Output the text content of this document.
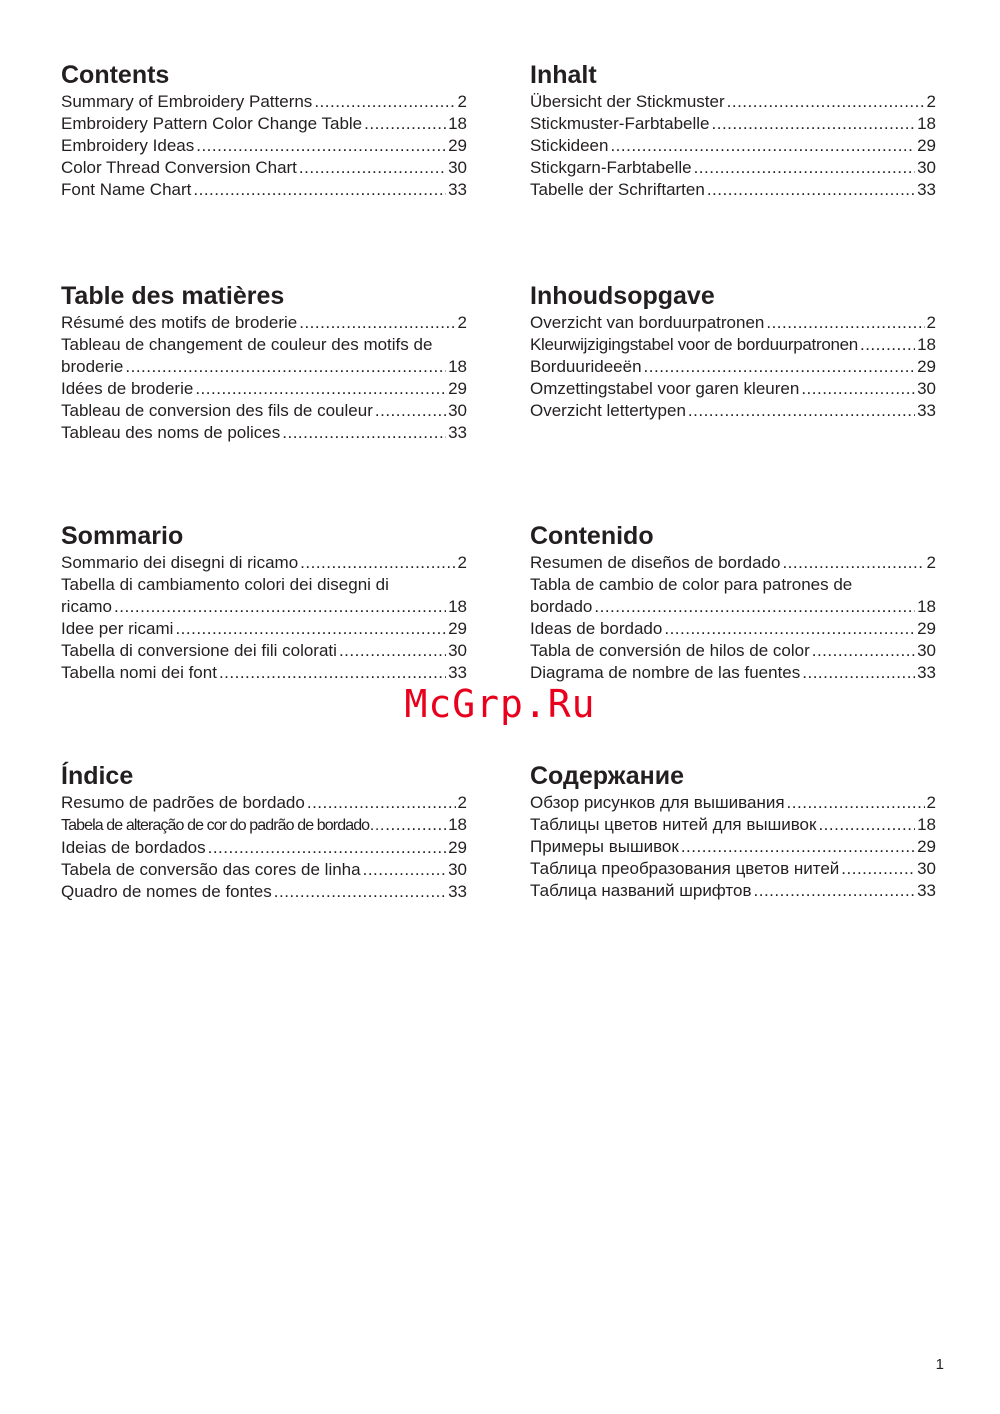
Contents
Summary of Embroidery Patterns .....	2
Embroidery Pattern Color Change Table .....	18
Embroidery Ideas .....	29
Color Thread Conversion Chart .....	30
Font Name Chart .....	33
Inhalt
Übersicht der Stickmuster .....	2
Stickmuster-Farbtabelle .....	18
Stickideen .....	29
Stickgarn-Farbtabelle .....	30
Tabelle der Schriftarten .....	33
Table des matières
Résumé des motifs de broderie .....	2
Tableau de changement de couleur des motifs de
broderie .....	18
Idées de broderie .....	29
Tableau de conversion des fils de couleur .....	30
Tableau des noms de polices .....	33
Inhoudsopgave
Overzicht van borduurpatronen .....	2
Kleurwijzigingstabel voor de borduurpatronen .....	18
Borduurideeën .....	29
Omzettingstabel voor garen kleuren .....	30
Overzicht lettertypen .....	33
Sommario
Sommario dei disegni di ricamo .....	2
Tabella di cambiamento colori dei disegni di
ricamo .....	18
Idee per ricami .....	29
Tabella di conversione dei fili colorati .....	30
Tabella nomi dei font .....	33
Contenido
Resumen de diseños de bordado .....	2
Tabla de cambio de color para patrones de
bordado .....	18
Ideas de bordado .....	29
Tabla de conversión de hilos de color .....	30
Diagrama de nombre de las fuentes .....	33
McGrp.Ru
Índice
Resumo de padrões de bordado .....	2
Tabela de alteração de cor do padrão de bordado… .....	18
Ideias de bordados .....	29
Tabela de conversão das cores de linha .....	30
Quadro de nomes de fontes .....	33
Содержание
Обзор рисунков для вышивания .....	2
Таблицы цветов нитей для вышивок .....	18
Примеры вышивок .....	29
Таблица преобразования цветов нитей .....	30
Таблица названий шрифтов .....	33
1
